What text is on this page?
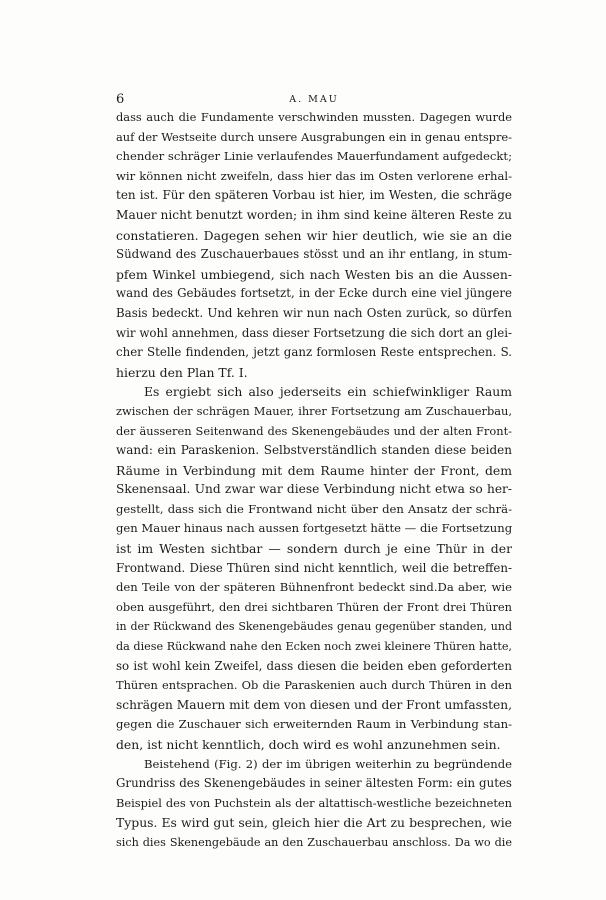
6	A. MAU
dass auch die Fundamente verschwinden mussten. Dagegen wurde
auf der Westseite durch unsere Ausgrabungen ein in genau entspre-
chender schräger Linie verlaufendes Mauerfundament aufgedeckt;
wir können nicht zweifeln, dass hier das im Osten verlorene erhal-
ten ist. Für den späteren Vorbau ist hier, im Westen, die schräge
Mauer nicht benutzt worden; in ihm sind keine älteren Reste zu
constatieren. Dagegen sehen wir hier deutlich, wie sie an die
Südwand des Zuschauerbaues stösst und an ihr entlang, in stum-
pfem Winkel umbiegend, sich nach Westen bis an die Aussen-
wand des Gebäudes fortsetzt, in der Ecke durch eine viel jüngere
Basis bedeckt. Und kehren wir nun nach Osten zurück, so dürfen
wir wohl annehmen, dass dieser Fortsetzung die sich dort an glei-
cher Stelle findenden, jetzt ganz formlosen Reste entsprechen. S.
hierzu den Plan Tf. I.
Es ergiebt sich also jederseits ein schiefwinkliger Raum
zwischen der schrägen Mauer, ihrer Fortsetzung am Zuschauerbau,
der äusseren Seitenwand des Skenengebäudes und der alten Front-
wand: ein Paraskenion. Selbstverständlich standen diese beiden
Räume in Verbindung mit dem Raume hinter der Front, dem
Skenensaal. Und zwar war diese Verbindung nicht etwa so her-
gestellt, dass sich die Frontwand nicht über den Ansatz der schrä-
gen Mauer hinaus nach aussen fortgesetzt hätte — die Fortsetzung
ist im Westen sichtbar — sondern durch je eine Thür in der
Frontwand. Diese Thüren sind nicht kenntlich, weil die betreffen-
den Teile von der späteren Bühnenfront bedeckt sind.Da aber, wie
oben ausgeführt, den drei sichtbaren Thüren der Front drei Thüren
in der Rückwand des Skenengebäudes genau gegenüber standen, und
da diese Rückwand nahe den Ecken noch zwei kleinere Thüren hatte,
so ist wohl kein Zweifel, dass diesen die beiden eben geforderten
Thüren entsprachen. Ob die Paraskenien auch durch Thüren in den
schrägen Mauern mit dem von diesen und der Front umfassten,
gegen die Zuschauer sich erweiternden Raum in Verbindung stan-
den, ist nicht kenntlich, doch wird es wohl anzunehmen sein.
Beistehend (Fig. 2) der im übrigen weiterhin zu begründende
Grundriss des Skenengebäudes in seiner ältesten Form: ein gutes
Beispiel des von Puchstein als der altattisch-westliche bezeichneten
Typus. Es wird gut sein, gleich hier die Art zu besprechen, wie
sich dies Skenengebäude an den Zuschauerbau anschloss. Da wo die
